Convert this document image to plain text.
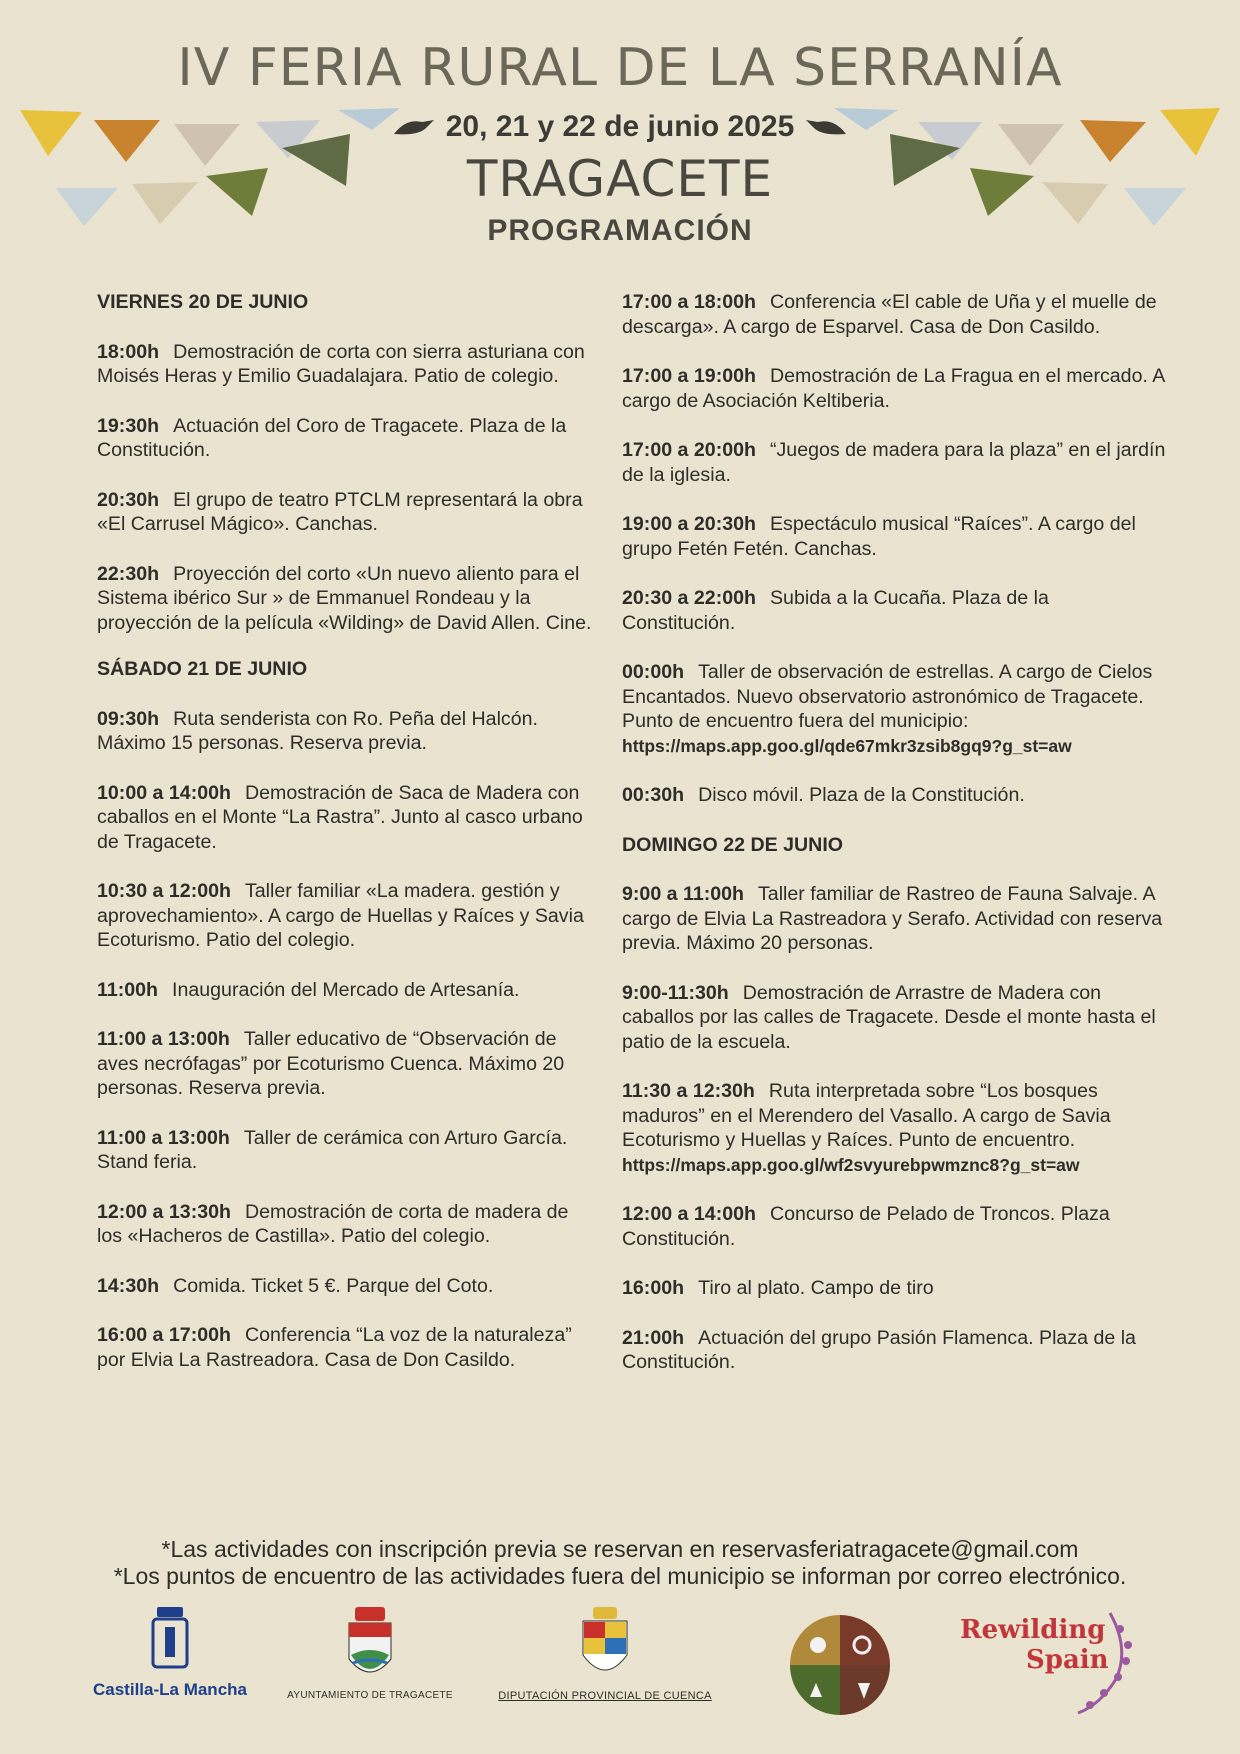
IV FERIA RURAL DE LA SERRANÍA
20, 21 y 22 de junio 2025
TRAGACETE
PROGRAMACIÓN
VIERNES 20 DE JUNIO
18:00h Demostración de corta con sierra asturiana con Moisés Heras y Emilio Guadalajara. Patio de colegio.
19:30h Actuación del Coro de Tragacete. Plaza de la Constitución.
20:30h El grupo de teatro PTCLM representará la obra «El Carrusel Mágico». Canchas.
22:30h Proyección del corto «Un nuevo aliento para el Sistema ibérico Sur » de Emmanuel Rondeau y la proyección de la película «Wilding» de David Allen. Cine.
SÁBADO 21 DE JUNIO
09:30h Ruta senderista con Ro. Peña del Halcón. Máximo 15 personas. Reserva previa.
10:00 a 14:00h Demostración de Saca de Madera con caballos en el Monte “La Rastra”. Junto al casco urbano de Tragacete.
10:30 a 12:00h Taller familiar «La madera. gestión y aprovechamiento». A cargo de Huellas y Raíces y Savia Ecoturismo. Patio del colegio.
11:00h Inauguración del Mercado de Artesanía.
11:00 a 13:00h Taller educativo de “Observación de aves necrófagas” por Ecoturismo Cuenca. Máximo 20 personas. Reserva previa.
11:00 a 13:00h Taller de cerámica con Arturo García. Stand feria.
12:00 a 13:30h Demostración de corta de madera de los «Hacheros de Castilla». Patio del colegio.
14:30h Comida. Ticket 5 €. Parque del Coto.
16:00 a 17:00h Conferencia “La voz de la naturaleza” por Elvia La Rastreadora. Casa de Don Casildo.
17:00 a 18:00h Conferencia «El cable de Uña y el muelle de descarga». A cargo de Esparvel. Casa de Don Casildo.
17:00 a 19:00h Demostración de La Fragua en el mercado. A cargo de Asociación Keltiberia.
17:00 a 20:00h “Juegos de madera para la plaza” en el jardín de la iglesia.
19:00 a 20:30h Espectáculo musical “Raíces”. A cargo del grupo Fetén Fetén. Canchas.
20:30 a 22:00h Subida a la Cucaña. Plaza de la Constitución.
00:00h Taller de observación de estrellas. A cargo de Cielos Encantados. Nuevo observatorio astronómico de Tragacete.
Punto de encuentro fuera del municipio:
https://maps.app.goo.gl/qde67mkr3zsib8gq9?g_st=aw
00:30h Disco móvil. Plaza de la Constitución.
DOMINGO 22 DE JUNIO
9:00 a 11:00h Taller familiar de Rastreo de Fauna Salvaje. A cargo de Elvia La Rastreadora y Serafo. Actividad con reserva previa. Máximo 20 personas.
9:00-11:30h Demostración de Arrastre de Madera con caballos por las calles de Tragacete. Desde el monte hasta el patio de la escuela.
11:30 a 12:30h Ruta interpretada sobre “Los bosques maduros” en el Merendero del Vasallo. A cargo de Savia Ecoturismo y Huellas y Raíces. Punto de encuentro.
https://maps.app.goo.gl/wf2svyurebpwmznc8?g_st=aw
12:00 a 14:00h Concurso de Pelado de Troncos. Plaza Constitución.
16:00h Tiro al plato. Campo de tiro
21:00h Actuación del grupo Pasión Flamenca. Plaza de la Constitución.
*Las actividades con inscripción previa se reservan en reservasferiatragacete@gmail.com
*Los puntos de encuentro de las actividades fuera del municipio se informan por correo electrónico.
Castilla-La Mancha	AYUNTAMIENTO DE TRAGACETE	DIPUTACIÓN PROVINCIAL DE CUENCA
Rewilding
Spain
